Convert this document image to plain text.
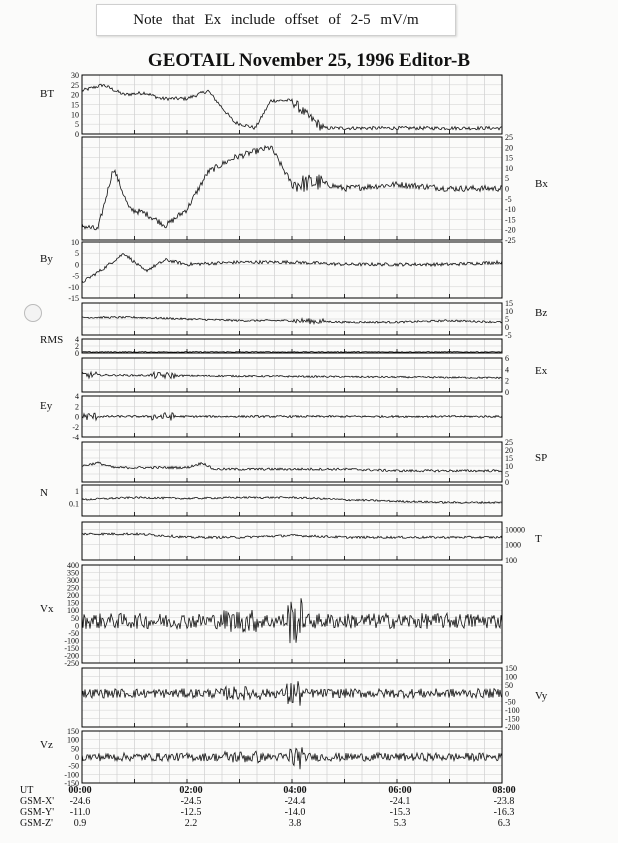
Note that Ex include offset of 2-5 mV/m
GEOTAIL November 25, 1996 Editor-B
30
25
20
15
10
5
0
BT
25
20
15
10
5
0
-5
-10
-15
-20
-25
Bx
10
5
0
-5
-10
-15
By
15
10
5
0
-5
Bz
4
2
0
RMS
6
4
2
0
Ex
4
2
0
-2
-4
Ey
25
20
15
10
5
0
SP
1
0.1
N
10000
1000
100
T
400
350
300
250
200
150
100
50
0
-50
-100
-150
-200
-250
Vx
150
100
50
0
-50
-100
-150
-200
Vy
150
100
50
0
-50
-100
-150
Vz
UT
GSM-X'
GSM-Y'
GSM-Z'
00:00
-24.6
-11.0
0.9
02:00
-24.5
-12.5
2.2
04:00
-24.4
-14.0
3.8
06:00
-24.1
-15.3
5.3
08:00
-23.8
-16.3
6.3
